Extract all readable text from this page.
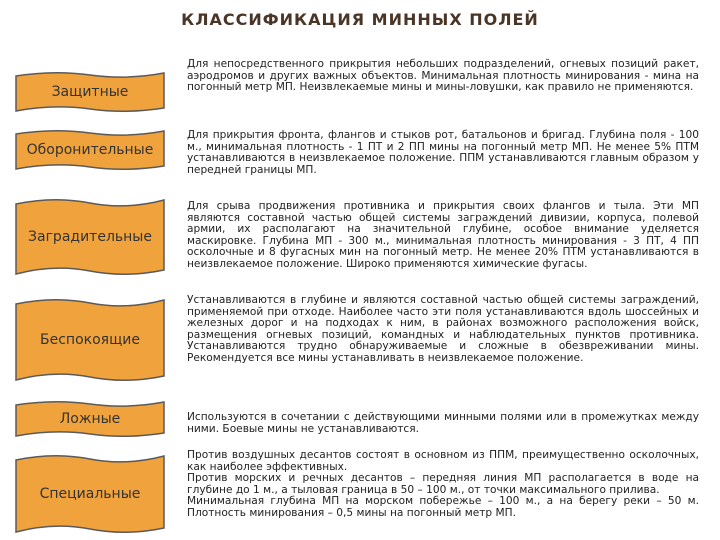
КЛАССИФИКАЦИЯ МИННЫХ ПОЛЕЙ
Защитные

Для непосредственного прикрытия небольших подразделений, огневых позиций ракет, аэродромов и других важных объектов. Минимальная плотность минирования - мина на погонный метр МП. Неизвлекаемые мины и мины-ловушки, как правило не применяются.

Оборонительные

Для прикрытия фронта, флангов и стыков рот, батальонов и бригад. Глубина поля - 100 м., минимальная плотность - 1 ПТ и 2 ПП мины на погонный метр МП. Не менее 5% ПТМ устанавливаются в неизвлекаемое положение. ППМ устанавливаются главным образом у передней границы МП.

Заградительные

Для срыва продвижения противника и прикрытия своих флангов и тыла. Эти МП являются составной частью общей системы заграждений дивизии, корпуса, полевой армии, их располагают на значительной глубине, особое внимание уделяется маскировке. Глубина МП - 300 м., минимальная плотность минирования - 3 ПТ, 4 ПП осколочные и 8 фугасных мин на погонный метр. Не менее 20% ПТМ устанавливаются в неизвлекаемое положение. Широко применяются химические фугасы.

Беспокоящие

Устанавливаются в глубине и являются составной частью общей системы заграждений, применяемой при отходе. Наиболее часто эти поля устанавливаются вдоль шоссейных и железных дорог и на подходах к ним, в районах возможного расположения войск, размещения огневых позиций, командных и наблюдательных пунктов противника. Устанавливаются трудно обнаруживаемые и сложные в обезвреживании мины. Рекомендуется все мины устанавливать в неизвлекаемое положение.

Ложные	Используются в сочетании с действующими минными полями или в промежутках между ними. Боевые мины не устанавливаются.

Специальные

Против воздушных десантов состоят в основном из ППМ, преимущественно осколочных, как наиболее эффективных.

Против морских и речных десантов – передняя линия МП располагается в воде на глубине до 1 м., а тыловая граница в 50 – 100 м., от точки максимального прилива.

Минимальная глубина МП на морском побережье – 100 м., а на берегу реки – 50 м. Плотность минирования – 0,5 мины на погонный метр МП.
